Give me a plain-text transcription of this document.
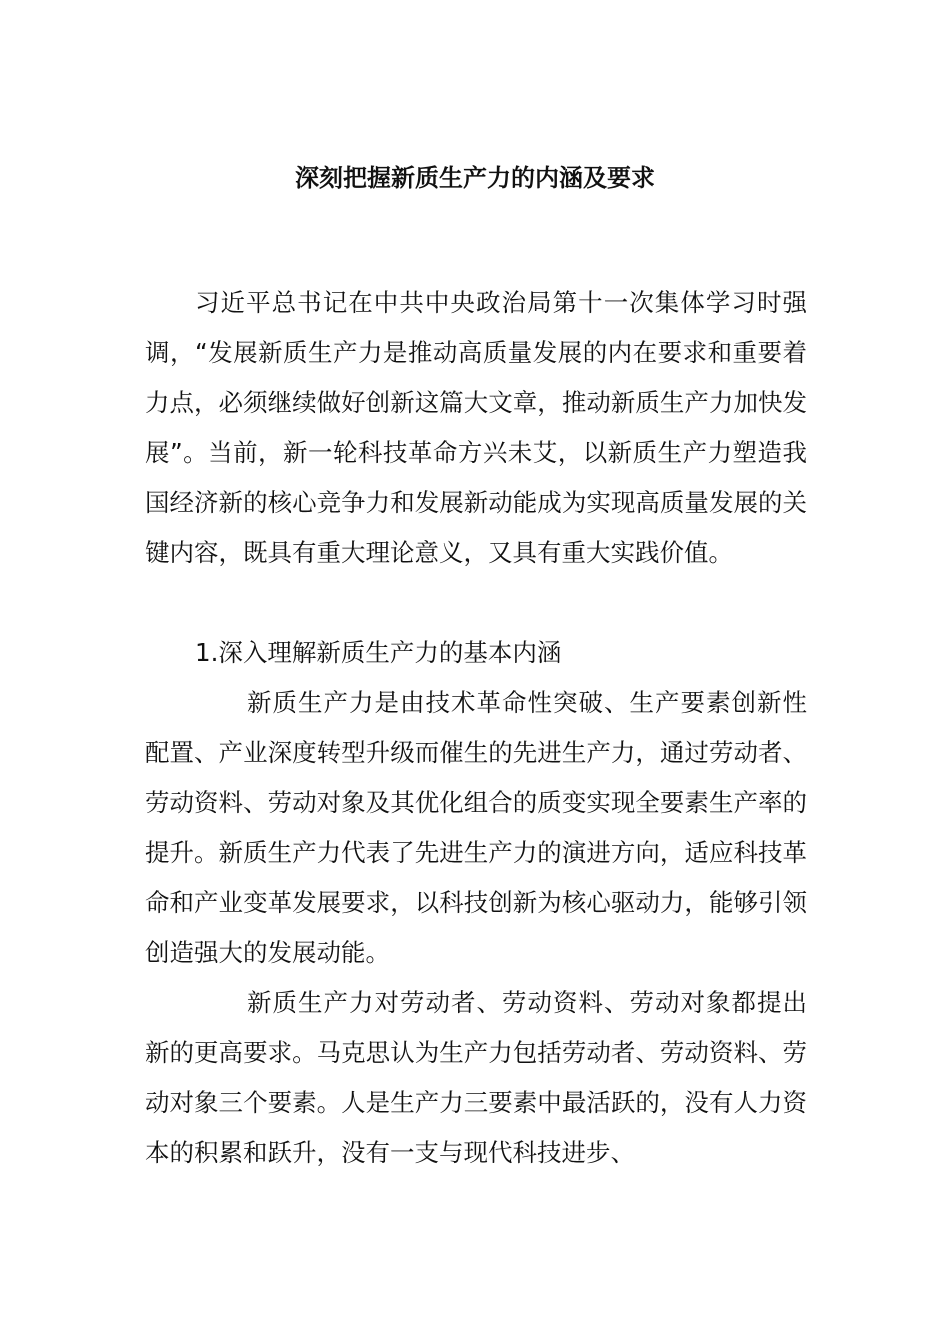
深刻把握新质生产力的内涵及要求

习近平总书记在中共中央政治局第十一次集体学习时强调，“发展新质生产力是推动高质量发展的内在要求和重要着力点，必须继续做好创新这篇大文章，推动新质生产力加快发展”。当前，新一轮科技革命方兴未艾，以新质生产力塑造我国经济新的核心竞争力和发展新动能成为实现高质量发展的关键内容，既具有重大理论意义，又具有重大实践价值。

1.深入理解新质生产力的基本内涵

新质生产力是由技术革命性突破、生产要素创新性配置、产业深度转型升级而催生的先进生产力，通过劳动者、劳动资料、劳动对象及其优化组合的质变实现全要素生产率的提升。新质生产力代表了先进生产力的演进方向，适应科技革命和产业变革发展要求，以科技创新为核心驱动力，能够引领创造强大的发展动能。

新质生产力对劳动者、劳动资料、劳动对象都提出新的更高要求。马克思认为生产力包括劳动者、劳动资料、劳动对象三个要素。人是生产力三要素中最活跃的，没有人力资本的积累和跃升，没有一支与现代科技进步、
